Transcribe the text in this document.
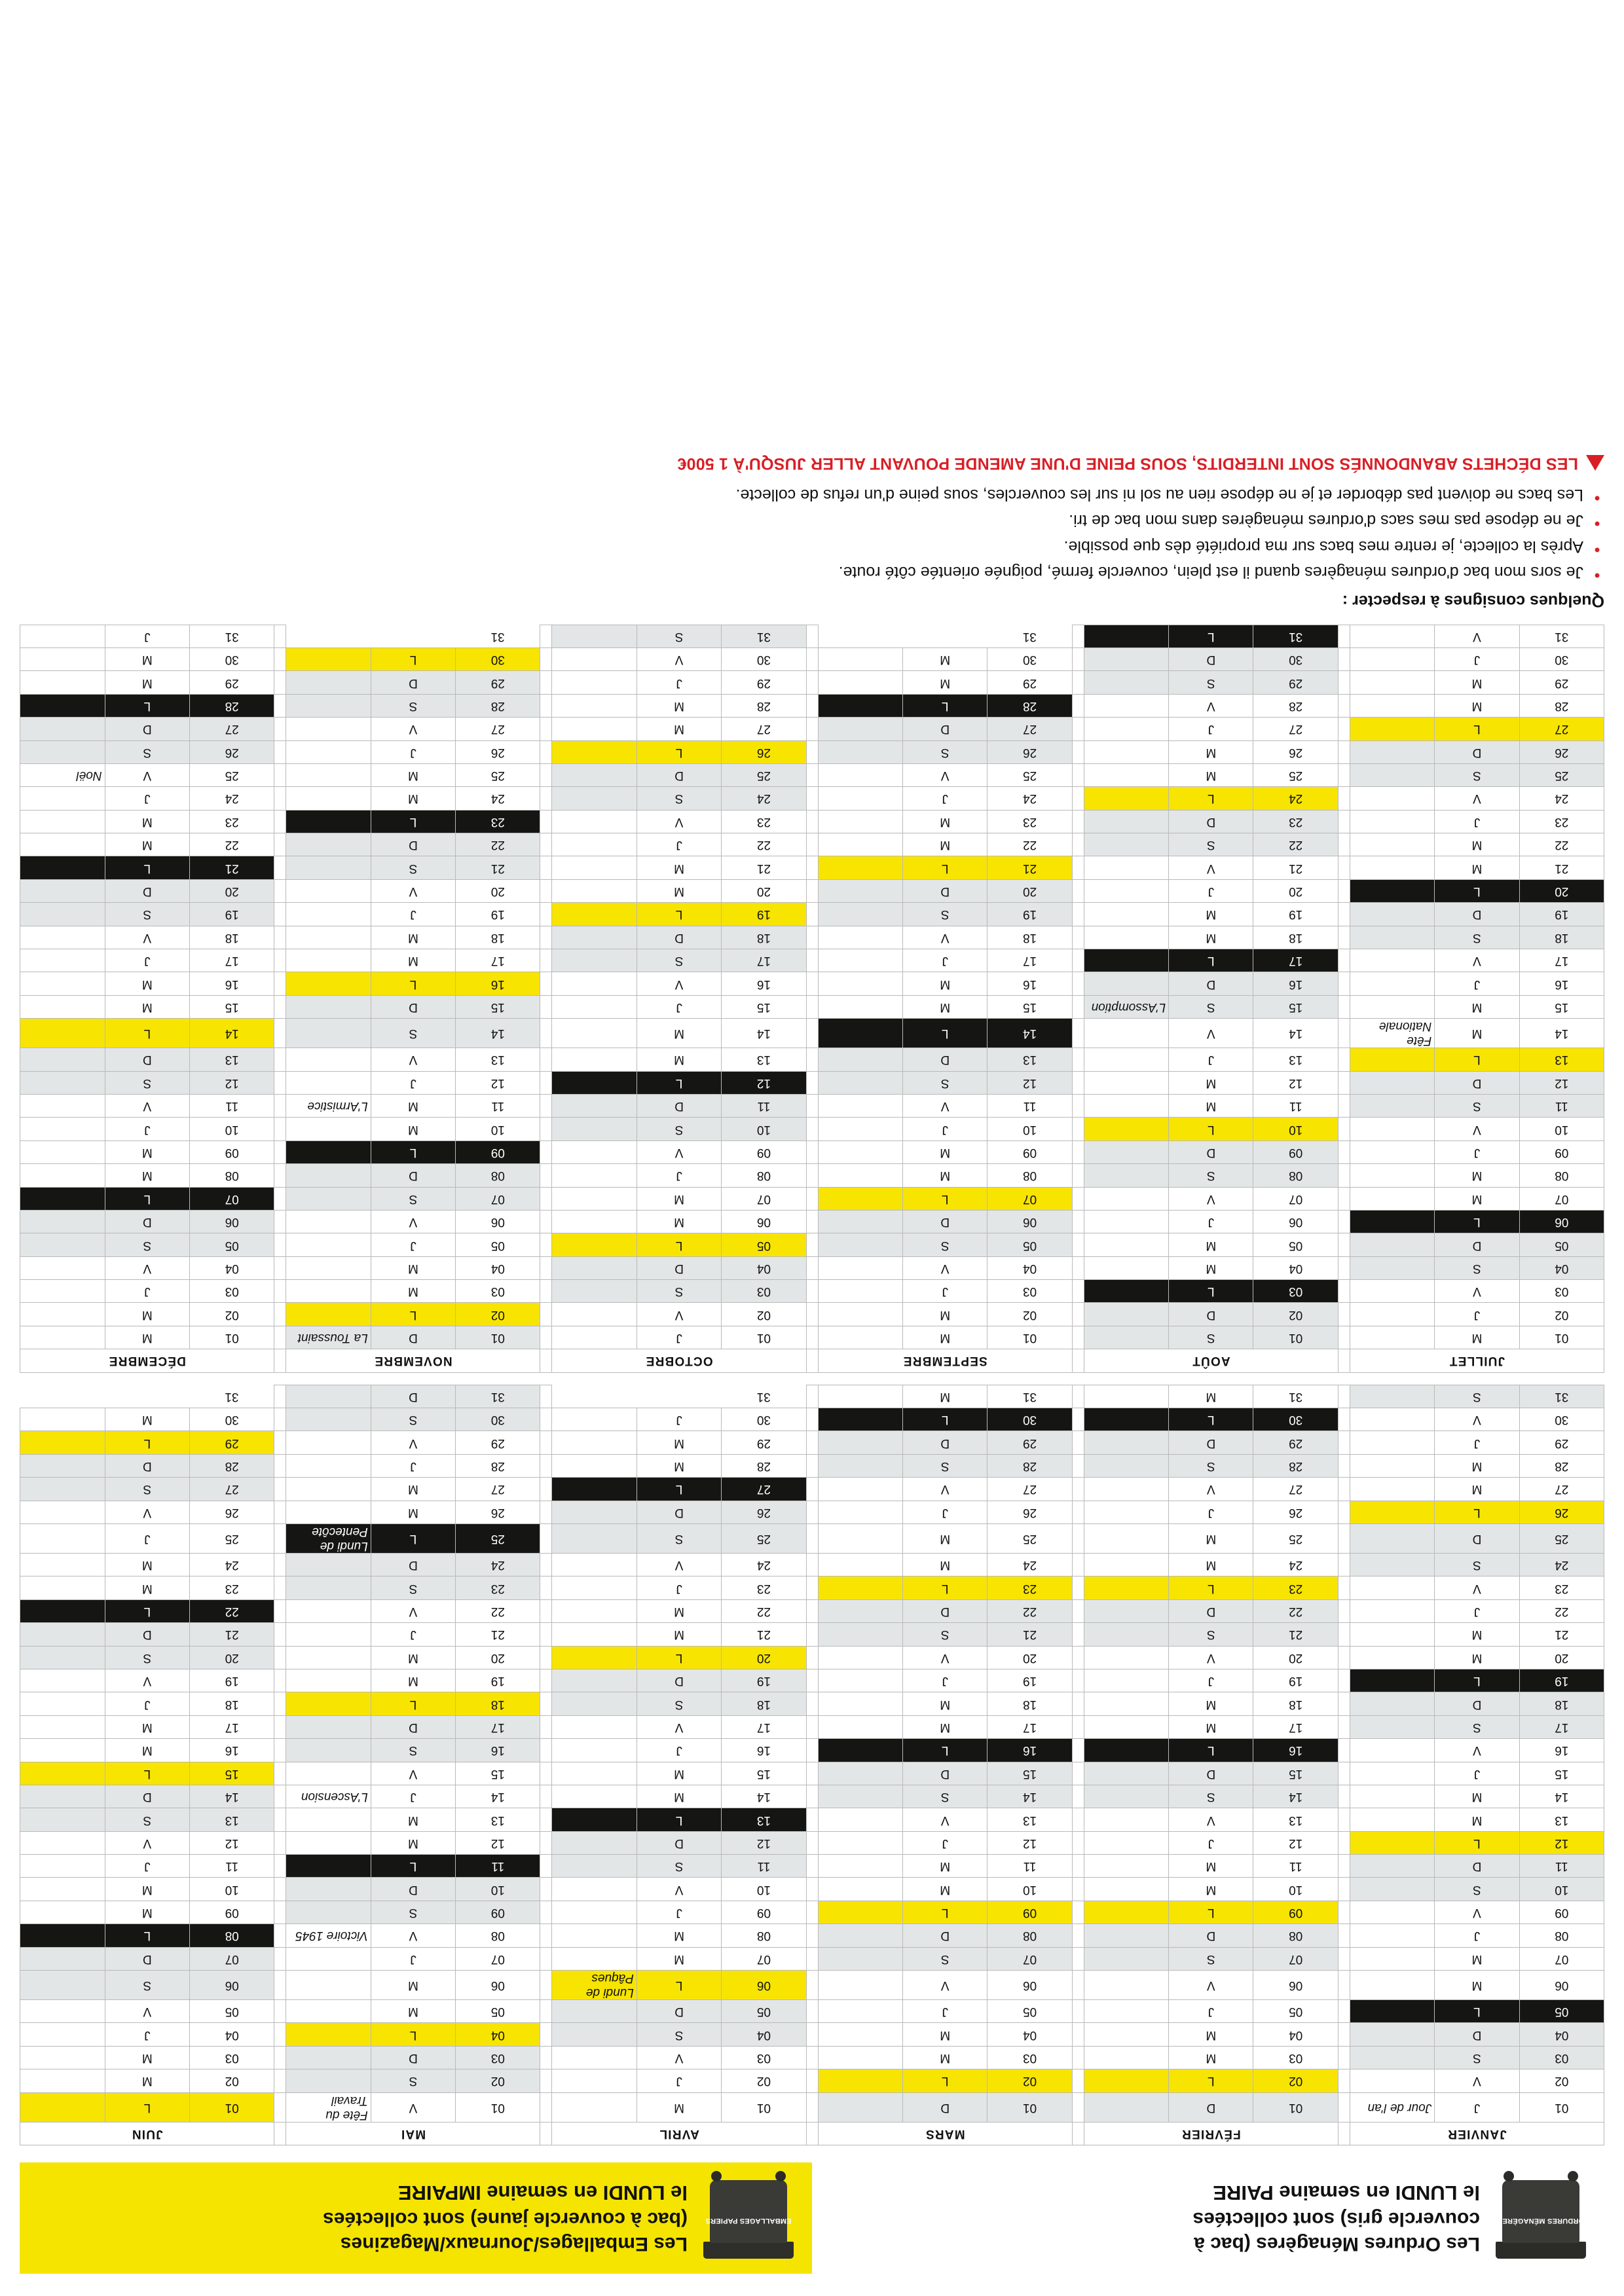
ORDURES MÉNAGÈRES
Les Ordures Ménagères (bac à
couvercle gris) sont collectées
le LUNDI en semaine PAIRE
EMBALLAGES PAPIERS
Les Emballages/Journaux/Magazines
(bac à couvercle jaune) sont collectées
le LUNDI en semaine IMPAIRE
JANVIER				FÉVRIER				MARS				AVRIL				MAI				JUIN		
01	J	Jour de l'an		01	D			01	D			01	M			01	V	Fête du Travail		01	L	
02	V			02	L			02	L			02	J			02	S			02	M	
03	S			03	M			03	M			03	V			03	D			03	M	
04	D			04	M			04	M			04	S			04	L			04	J	
05	L			05	J			05	J			05	D			05	M			05	V	
06	M			06	V			06	V			06	L	Lundi de Pâques		06	M			06	S	
07	M			07	S			07	S			07	M			07	J			07	D	
08	J			08	D			08	D			08	M			08	V	Victoire 1945		08	L	
09	V			09	L			09	L			09	J			09	S			09	M	
10	S			10	M			10	M			10	V			10	D			10	M	
11	D			11	M			11	M			11	S			11	L			11	J	
12	L			12	J			12	J			12	D			12	M			12	V	
13	M			13	V			13	V			13	L			13	M			13	S	
14	M			14	S			14	S			14	M			14	J	L'Ascension		14	D	
15	J			15	D			15	D			15	M			15	V			15	L	
16	V			16	L			16	L			16	J			16	S			16	M	
17	S			17	M			17	M			17	V			17	D			17	M	
18	D			18	M			18	M			18	S			18	L			18	J	
19	L			19	J			19	J			19	D			19	M			19	V	
20	M			20	V			20	V			20	L			20	M			20	S	
21	M			21	S			21	S			21	M			21	J			21	D	
22	J			22	D			22	D			22	M			22	V			22	L	
23	V			23	L			23	L			23	J			23	S			23	M	
24	S			24	M			24	M			24	V			24	D			24	M	
25	D			25	M			25	M			25	S			25	L	Lundi de Pentecôte		25	J	
26	L			26	J			26	J			26	D			26	M			26	V	
27	M			27	V			27	V			27	L			27	M			27	S	
28	M			28	S			28	S			28	M			28	J			28	D	
29	J			29	D			29	D			29	M			29	V			29	L	
30	V			30	L			30	L			30	J			30	S			30	M	
31	S			31	M			31	M			31				31	D			31		
JUILLET				AOÛT				SEPTEMBRE				OCTOBRE				NOVEMBRE				DÉCEMBRE		
01	M			01	S			01	M			01	J			01	D	La Toussaint		01	M	
02	J			02	D			02	M			02	V			02	L			02	M	
03	V			03	L			03	J			03	S			03	M			03	J	
04	S			04	M			04	V			04	D			04	M			04	V	
05	D			05	M			05	S			05	L			05	J			05	S	
06	L			06	J			06	D			06	M			06	V			06	D	
07	M			07	V			07	L			07	M			07	S			07	L	
08	M			08	S			08	M			08	J			08	D			08	M	
09	J			09	D			09	M			09	V			09	L			09	M	
10	V			10	L			10	J			10	S			10	M			10	J	
11	S			11	M			11	V			11	D			11	M	L'Armistice		11	V	
12	D			12	M			12	S			12	L			12	J			12	S	
13	L			13	J			13	D			13	M			13	V			13	D	
14	M	Fête Nationale		14	V			14	L			14	M			14	S			14	L	
15	M			15	S	L'Assomption		15	M			15	J			15	D			15	M	
16	J			16	D			16	M			16	V			16	L			16	M	
17	V			17	L			17	J			17	S			17	M			17	J	
18	S			18	M			18	V			18	D			18	M			18	V	
19	D			19	M			19	S			19	L			19	J			19	S	
20	L			20	J			20	D			20	M			20	V			20	D	
21	M			21	V			21	L			21	M			21	S			21	L	
22	M			22	S			22	M			22	J			22	D			22	M	
23	J			23	D			23	M			23	V			23	L			23	M	
24	V			24	L			24	J			24	S			24	M			24	J	
25	S			25	M			25	V			25	D			25	M			25	V	Noël
26	D			26	M			26	S			26	L			26	J			26	S	
27	L			27	J			27	D			27	M			27	V			27	D	
28	M			28	V			28	L			28	M			28	S			28	L	
29	M			29	S			29	M			29	J			29	D			29	M	
30	J			30	D			30	M			30	V			30	L			30	M	
31	V			31	L			31				31	S			31				31	J	
Quelques consignes à respecter :
•
Je sors mon bac d'ordures ménagères quand il est plein, couvercle fermé, poignée orientée côté route.
•
Après la collecte, je rentre mes bacs sur ma propriété dès que possible.
•
Je ne dépose pas mes sacs d'ordures ménagères dans mon bac de tri.
•
Les bacs ne doivent pas déborder et je ne dépose rien au sol ni sur les couvercles, sous peine d'un refus de collecte.
LES DÉCHETS ABANDONNÉS SONT INTERDITS, SOUS PEINE D'UNE AMENDE POUVANT ALLER JUSQU'À 1 500€
